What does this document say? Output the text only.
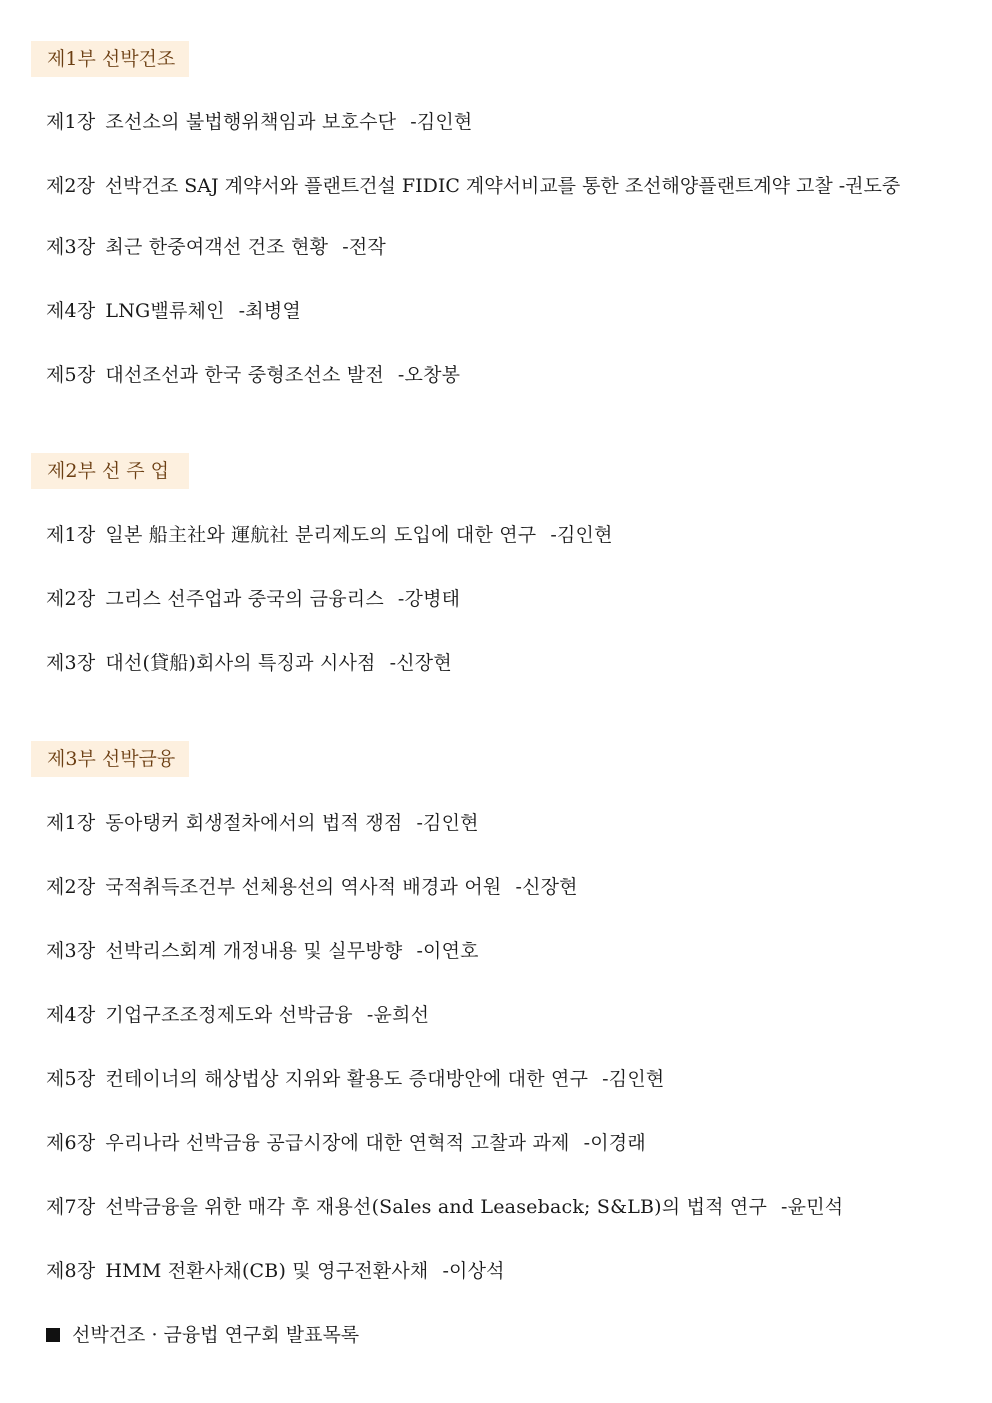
제1부 선박건조
제1장 조선소의 불법행위책임과 보호수단 -김인현
제2장 선박건조 SAJ 계약서와 플랜트건설 FIDIC 계약서비교를 통한 조선해양플랜트계약 고찰 -권도중
제3장 최근 한중여객선 건조 현황 -전작
제4장 LNG밸류체인 -최병열
제5장 대선조선과 한국 중형조선소 발전 -오창봉
제2부 선 주 업
제1장 일본 船主社와 運航社 분리제도의 도입에 대한 연구 -김인현
제2장 그리스 선주업과 중국의 금융리스 -강병태
제3장 대선(貸船)회사의 특징과 시사점 -신장현
제3부 선박금융
제1장 동아탱커 회생절차에서의 법적 쟁점 -김인현
제2장 국적취득조건부 선체용선의 역사적 배경과 어원 -신장현
제3장 선박리스회계 개정내용 및 실무방향 -이연호
제4장 기업구조조정제도와 선박금융 -윤희선
제5장 컨테이너의 해상법상 지위와 활용도 증대방안에 대한 연구 -김인현
제6장 우리나라 선박금융 공급시장에 대한 연혁적 고찰과 과제 -이경래
제7장 선박금융을 위한 매각 후 재용선(Sales and Leaseback; S&LB)의 법적 연구 -윤민석
제8장 HMM 전환사채(CB) 및 영구전환사채 -이상석
선박건조 · 금융법 연구회 발표목록
